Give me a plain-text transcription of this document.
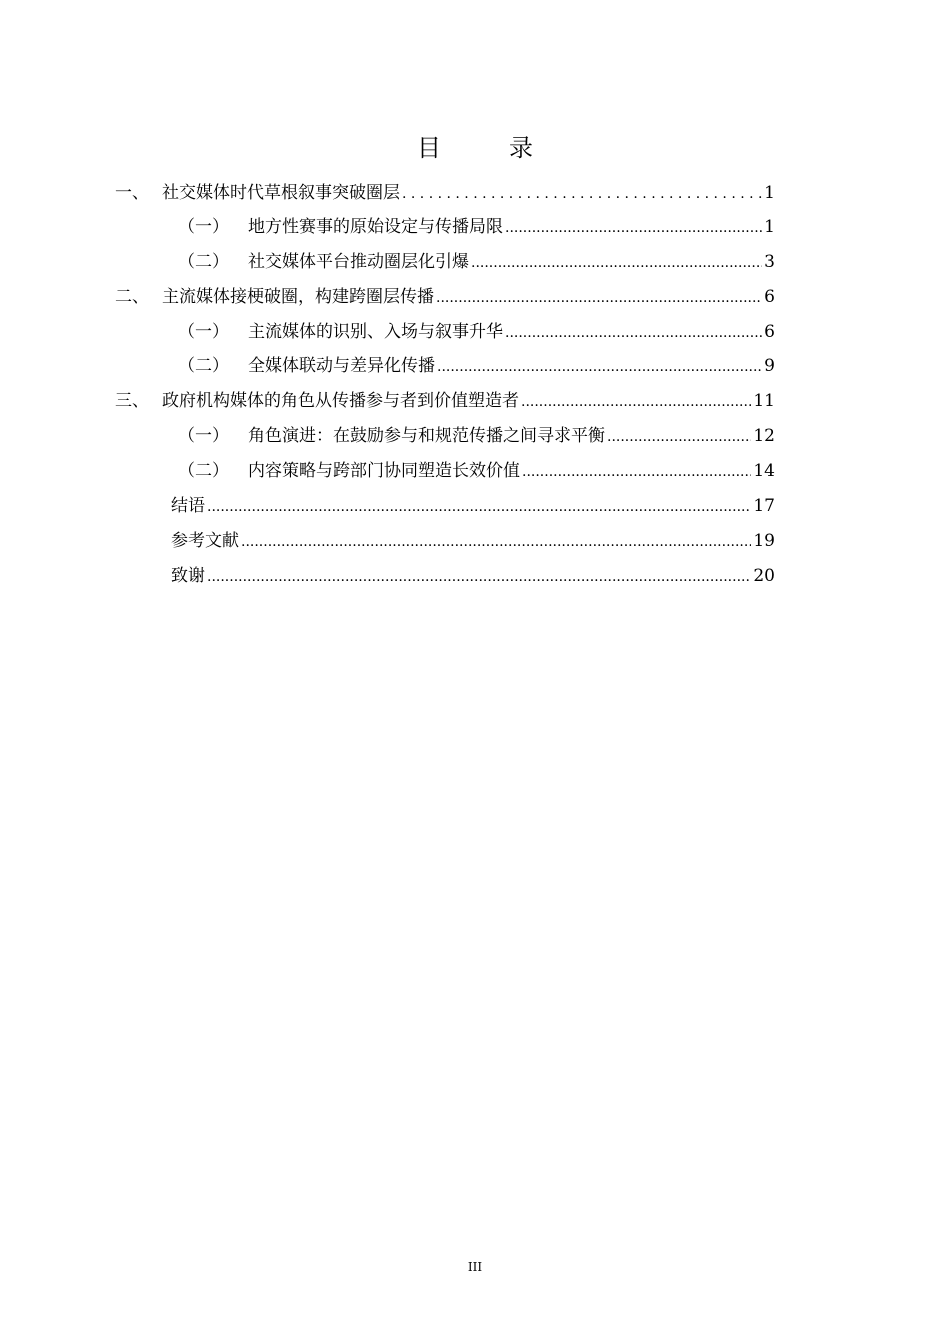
目　录
一、 社交媒体时代草根叙事突破圈层 . . .	1
（一）	地方性赛事的原始设定与传播局限 .....	1
（二）	社交媒体平台推动圈层化引爆 .....	3
二、 主流媒体接梗破圈，构建跨圈层传播 .....	6
（一）	主流媒体的识别、入场与叙事升华 .....	6
（二）	全媒体联动与差异化传播 .....	9
三、 政府机构媒体的角色从传播参与者到价值塑造者 .....	11
（一）	角色演进：在鼓励参与和规范传播之间寻求平衡 .....	12
（二）	内容策略与跨部门协同塑造长效价值 .....	14
结语 .....	17
参考文献 .....	19
致谢 .....	20
III
